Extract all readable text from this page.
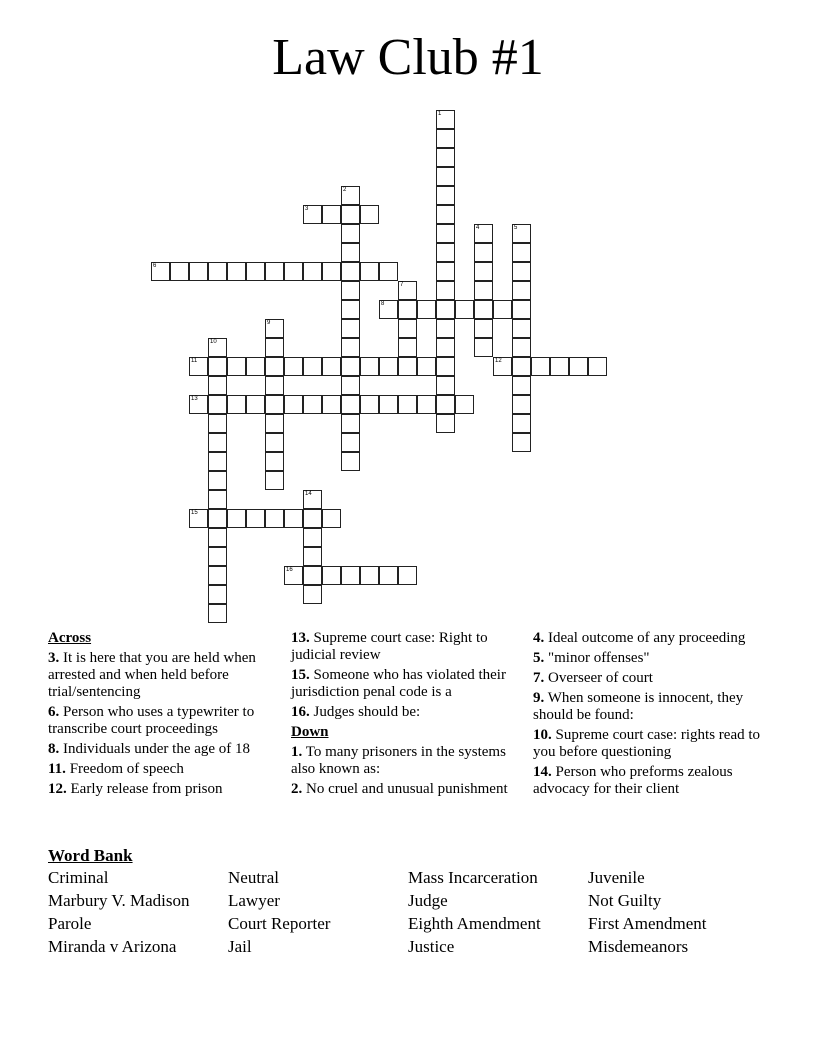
Law Club #1
1
2
3
4	5
6
7
8
9
10
11	12
13
14
15
16
Across
3. It is here that you are held when arrested and when held before trial/sentencing
6. Person who uses a typewriter to transcribe court proceedings
8. Individuals under the age of 18
11. Freedom of speech
12. Early release from prison
13. Supreme court case: Right to judicial review
15. Someone who has violated their jurisdiction penal code is a
16. Judges should be:
Down
1. To many prisoners in the systems also known as:
2. No cruel and unusual punishment
4. Ideal outcome of any proceeding
5. "minor offenses"
7. Overseer of court
9. When someone is innocent, they should be found:
10. Supreme court case: rights read to you before questioning
14. Person who preforms zealous advocacy for their client
Word Bank
Criminal	Neutral	Mass Incarceration	Juvenile
Marbury V. Madison	Lawyer	Judge	Not Guilty
Parole	Court Reporter	Eighth Amendment	First Amendment
Miranda v Arizona	Jail	Justice	Misdemeanors
